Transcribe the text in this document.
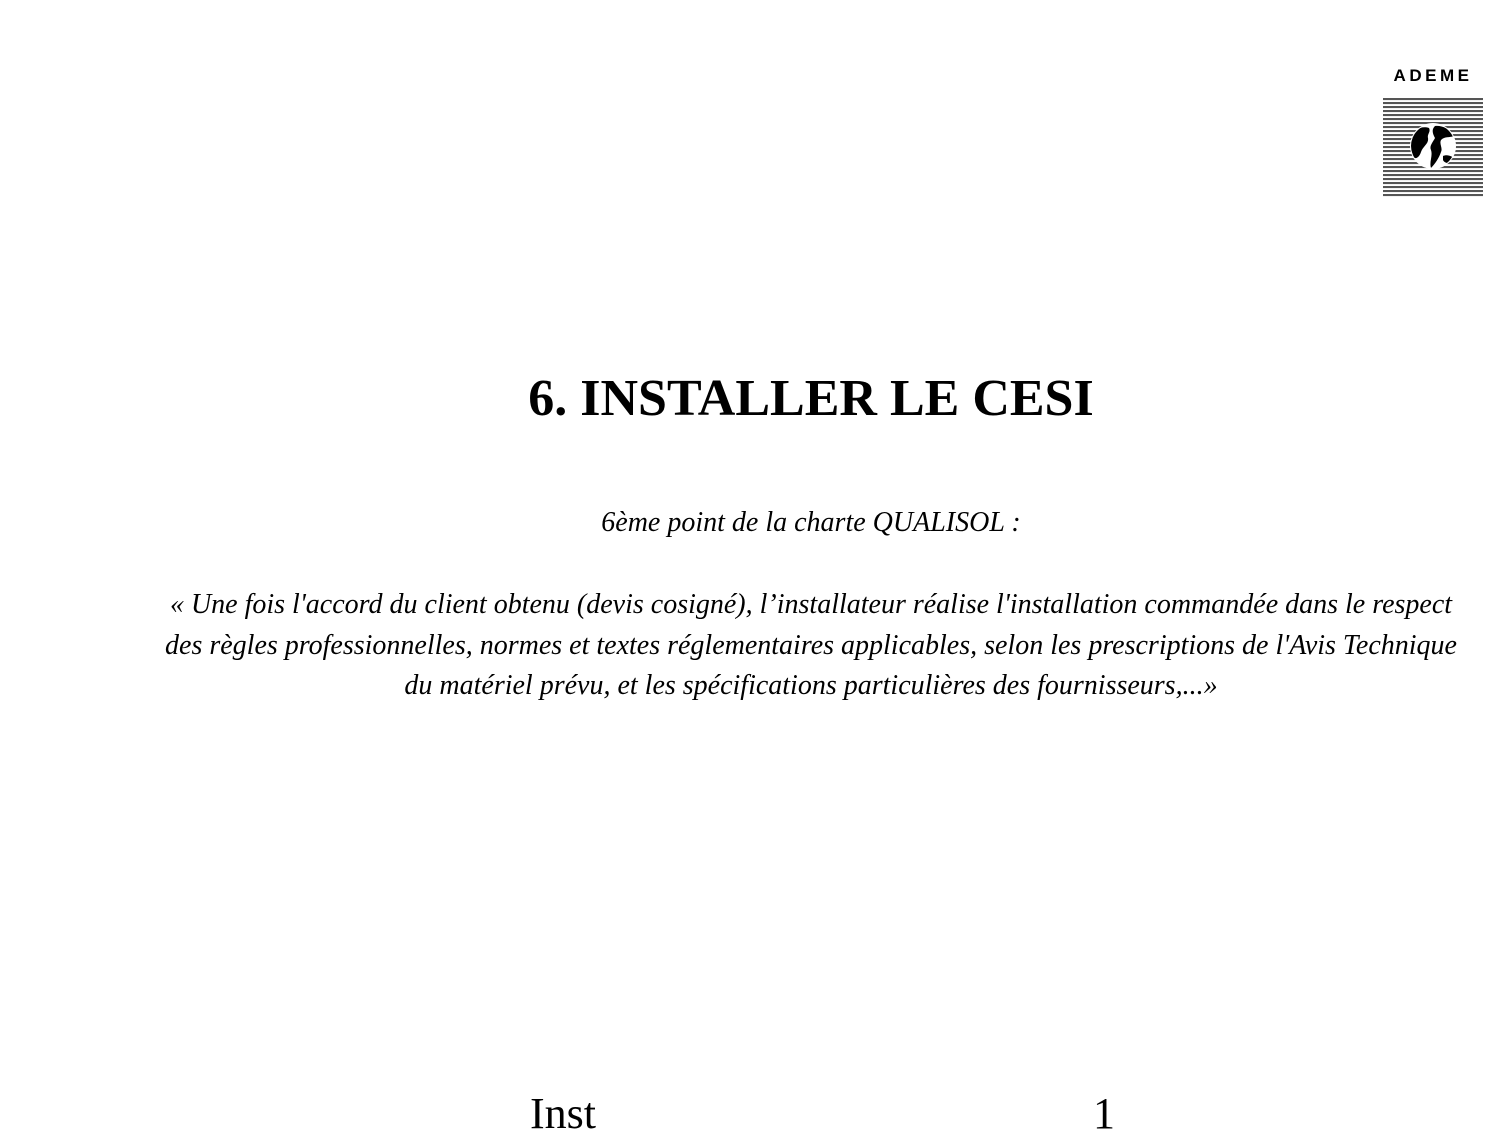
ADEME
6. INSTALLER LE CESI

6ème point de la charte QUALISOL :

« Une fois l'accord du client obtenu (devis cosigné), l’installateur réalise l'installation commandée dans le respect des règles professionnelles, normes et textes réglementaires applicables, selon les prescriptions de l'Avis Technique du matériel prévu, et les spécifications particulières des fournisseurs,...»

Inst	1
